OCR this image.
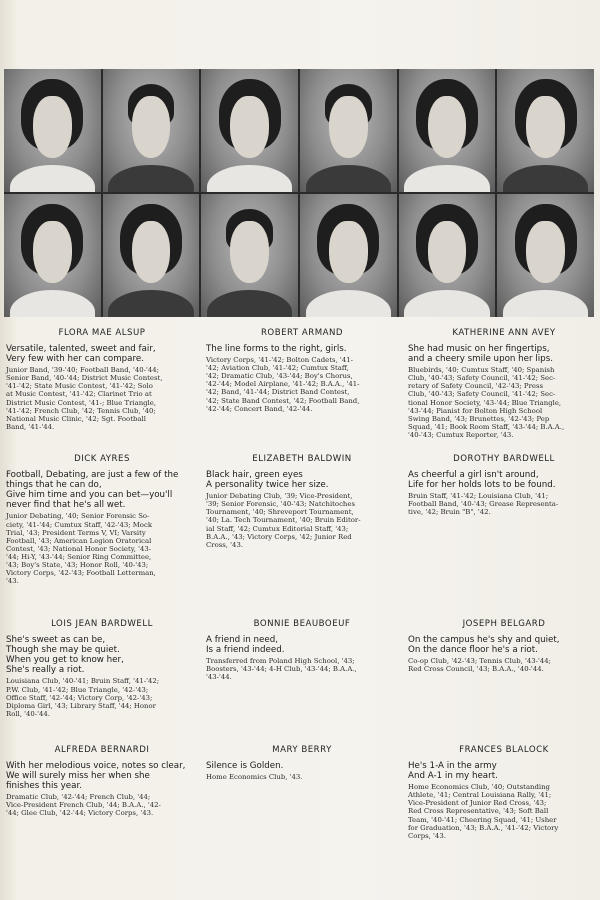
FLORA MAE ALSUP
Versatile, talented, sweet and fair,
Very few with her can compare.
Junior Band, '39-'40; Football Band, '40-'44;
Senior Band, '40-'44; District Music Contest,
'41-'42; State Music Contest, '41-'42; Solo
at Music Contest, '41-'42; Clarinet Trio at
District Music Contest, '41-; Blue Triangle,
'41-'42; French Club, '42; Tennis Club, '40;
National Music Clinic, '42; Sgt. Football
Band, '41-'44.
ROBERT ARMAND
The line forms to the right, girls.
Victory Corps, '41-'42; Bolton Cadets, '41-
'42; Aviation Club, '41-'42; Cumtux Staff,
'42; Dramatic Club, '43-'44; Boy's Chorus,
'42-'44; Model Airplane, '41-'42; B.A.A., '41-
'42; Band, '41-'44; District Band Contest,
'42; State Band Contest, '42; Football Band,
'42-'44; Concert Band, '42-'44.
KATHERINE ANN AVEY
She had music on her fingertips,
and a cheery smile upon her lips.
Bluebirds, '40; Cumtux Staff, '40; Spanish
Club, '40-'43; Safety Council, '41-'42; Sec-
retary of Safety Council, '42-'43; Press
Club, '40-'43; Safety Council, '41-'42; Sec-
tional Honor Society, '43-'44; Blue Triangle,
'43-'44; Pianist for Bolton High School
Swing Band, '43; Brunettes, '42-'43; Pep
Squad, '41; Book Room Staff, '43-'44; B.A.A.,
'40-'43; Cumtux Reporter, '43.
DICK AYRES
Football, Debating, are just a few of the
things that he can do,
Give him time and you can bet—you'll
never find that he's all wet.
Junior Debating, '40; Senior Forensic So-
ciety, '41-'44; Cumtux Staff, '42-'43; Mock
Trial, '43; President Terms V, VI; Varsity
Football, '43; American Legion Oratorical
Contest, '43; National Honor Society, '43-
'44; Hi-Y, '43-'44; Senior Ring Committee,
'43; Boy's State, '43; Honor Roll, '40-'43;
Victory Corps, '42-'43; Football Letterman,
'43.
ELIZABETH BALDWIN
Black hair, green eyes
A personality twice her size.
Junior Debating Club, '39; Vice-President,
'39; Senior Forensic, '40-'43; Natchitoches
Tournament, '40; Shreveport Tournament,
'40; La. Tech Tournament, '40; Bruin Editor-
ial Staff, '42; Cumtux Editorial Staff, '43;
B.A.A., '43; Victory Corps, '42; Junior Red
Cross, '43.
DOROTHY BARDWELL
As cheerful a girl isn't around,
Life for her holds lots to be found.
Bruin Staff, '41-'42; Louisiana Club, '41;
Football Band, '40-'43; Grease Representa-
tive, '42; Bruin "B", '42.
LOIS JEAN BARDWELL
She's sweet as can be,
Though she may be quiet.
When you get to know her,
She's really a riot.
Louisiana Club, '40-'41; Bruin Staff, '41-'42;
P.W. Club, '41-'42; Blue Triangle, '42-'43;
Office Staff, '42-'44; Victory Corp, '42-'43;
Diploma Girl, '43; Library Staff, '44; Honor
Roll, '40-'44.
BONNIE BEAUBOEUF
A friend in need,
Is a friend indeed.
Transferred from Poland High School, '43;
Boosters, '43-'44; 4-H Club, '43-'44; B.A.A.,
'43-'44.
JOSEPH BELGARD
On the campus he's shy and quiet,
On the dance floor he's a riot.
Co-op Club, '42-'43; Tennis Club, '43-'44;
Red Cross Council, '43; B.A.A., '40-'44.
ALFREDA BERNARDI
With her melodious voice, notes so clear,
We will surely miss her when she
finishes this year.
Dramatic Club, '42-'44; French Club, '44;
Vice-President French Club, '44; B.A.A., '42-
'44; Glee Club, '42-'44; Victory Corps, '43.
MARY BERRY
Silence is Golden.
Home Economics Club, '43.
FRANCES BLALOCK
He's 1-A in the army
And A-1 in my heart.
Home Economics Club, '40; Outstanding
Athlete, '41; Central Louisiana Rally, '41;
Vice-President of Junior Red Cross, '43;
Red Cross Representative, '43; Soft Ball
Team, '40-'41; Cheering Squad, '41; Usher
for Graduation, '43; B.A.A., '41-'42; Victory
Corps, '43.
